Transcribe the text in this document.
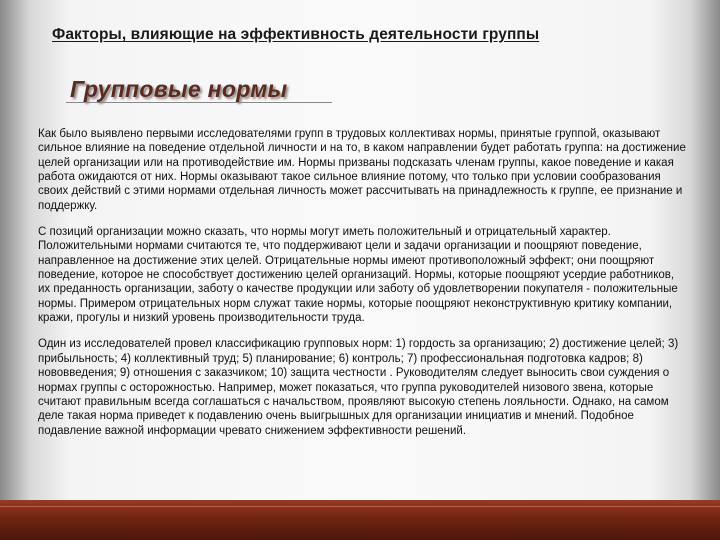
Факторы, влияющие на эффективность деятельности группы
Групповые нормы

Как было выявлено первыми исследователями групп в трудовых коллективах нормы, принятые группой, оказывают сильное влияние на поведение отдельной личности и на то, в каком направлении будет работать группа: на достижение целей организации или на противодействие им. Нормы призваны подсказать членам группы, какое поведение и какая работа ожидаются от них. Нормы оказывают такое сильное влияние потому, что только при условии сообразования своих действий с этими нормами отдельная личность может рассчитывать на принадлежность к группе, ее признание и поддержку.

С позиций организации можно сказать, что нормы могут иметь положительный и отрицательный характер. Положительными нормами считаются те, что поддерживают цели и задачи организации и поощряют поведение, направленное на достижение этих целей. Отрицательные нормы имеют противоположный эффект; они поощряют поведение, которое не способствует достижению целей организаций. Нормы, которые поощряют усердие работников, их преданность организации, заботу о качестве продукции или заботу об удовлетворении покупателя - положительные нормы. Примером отрицательных норм служат такие нормы, которые поощряют неконструктивную критику компании, кражи, прогулы и низкий уровень производительности труда.

Один из исследователей провел классификацию групповых норм: 1) гордость за организацию; 2) достижение целей; 3) прибыльность; 4) коллективный труд; 5) планирование; 6) контроль; 7) профессиональная подготовка кадров; 8) нововведения; 9) отношения с заказчиком; 10) защита честности . Руководителям следует выносить свои суждения о нормах группы с осторожностью. Например, может показаться, что группа руководителей низового звена, которые считают правильным всегда соглашаться с начальством, проявляют высокую степень лояльности. Однако, на самом деле такая норма приведет к подавлению очень выигрышных для организации инициатив и мнений. Подобное подавление важной информации чревато снижением эффективности решений.
